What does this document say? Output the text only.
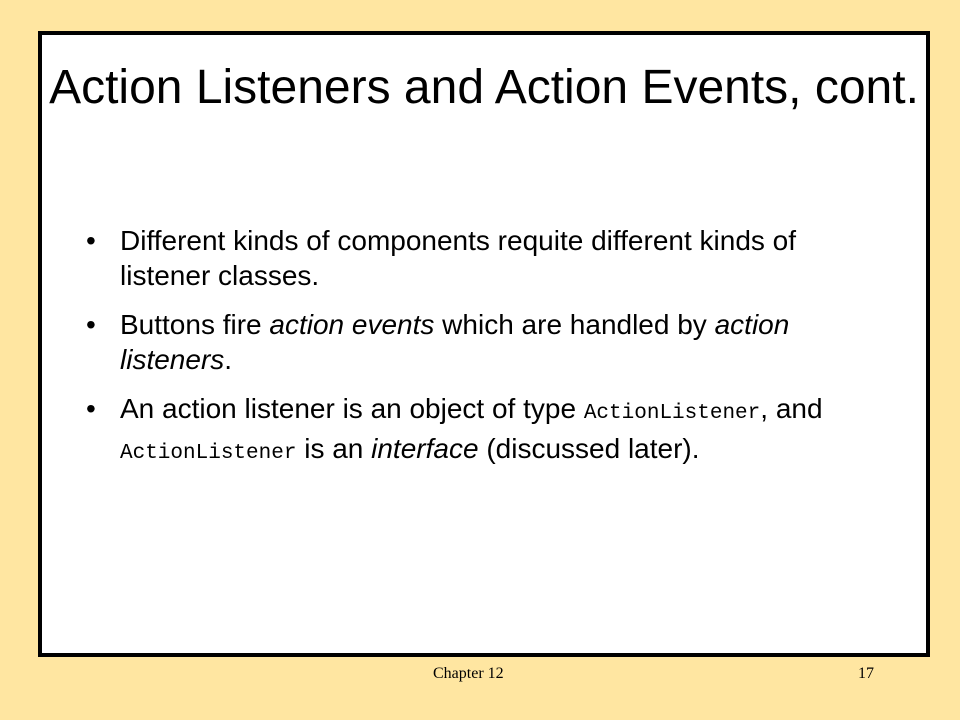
Action Listeners and Action Events, cont.
• Different kinds of components requite different kinds of listener classes.
• Buttons fire action events which are handled by action listeners.
• An action listener is an object of type ActionListener, and ActionListener is an interface (discussed later).
Chapter 12	17
